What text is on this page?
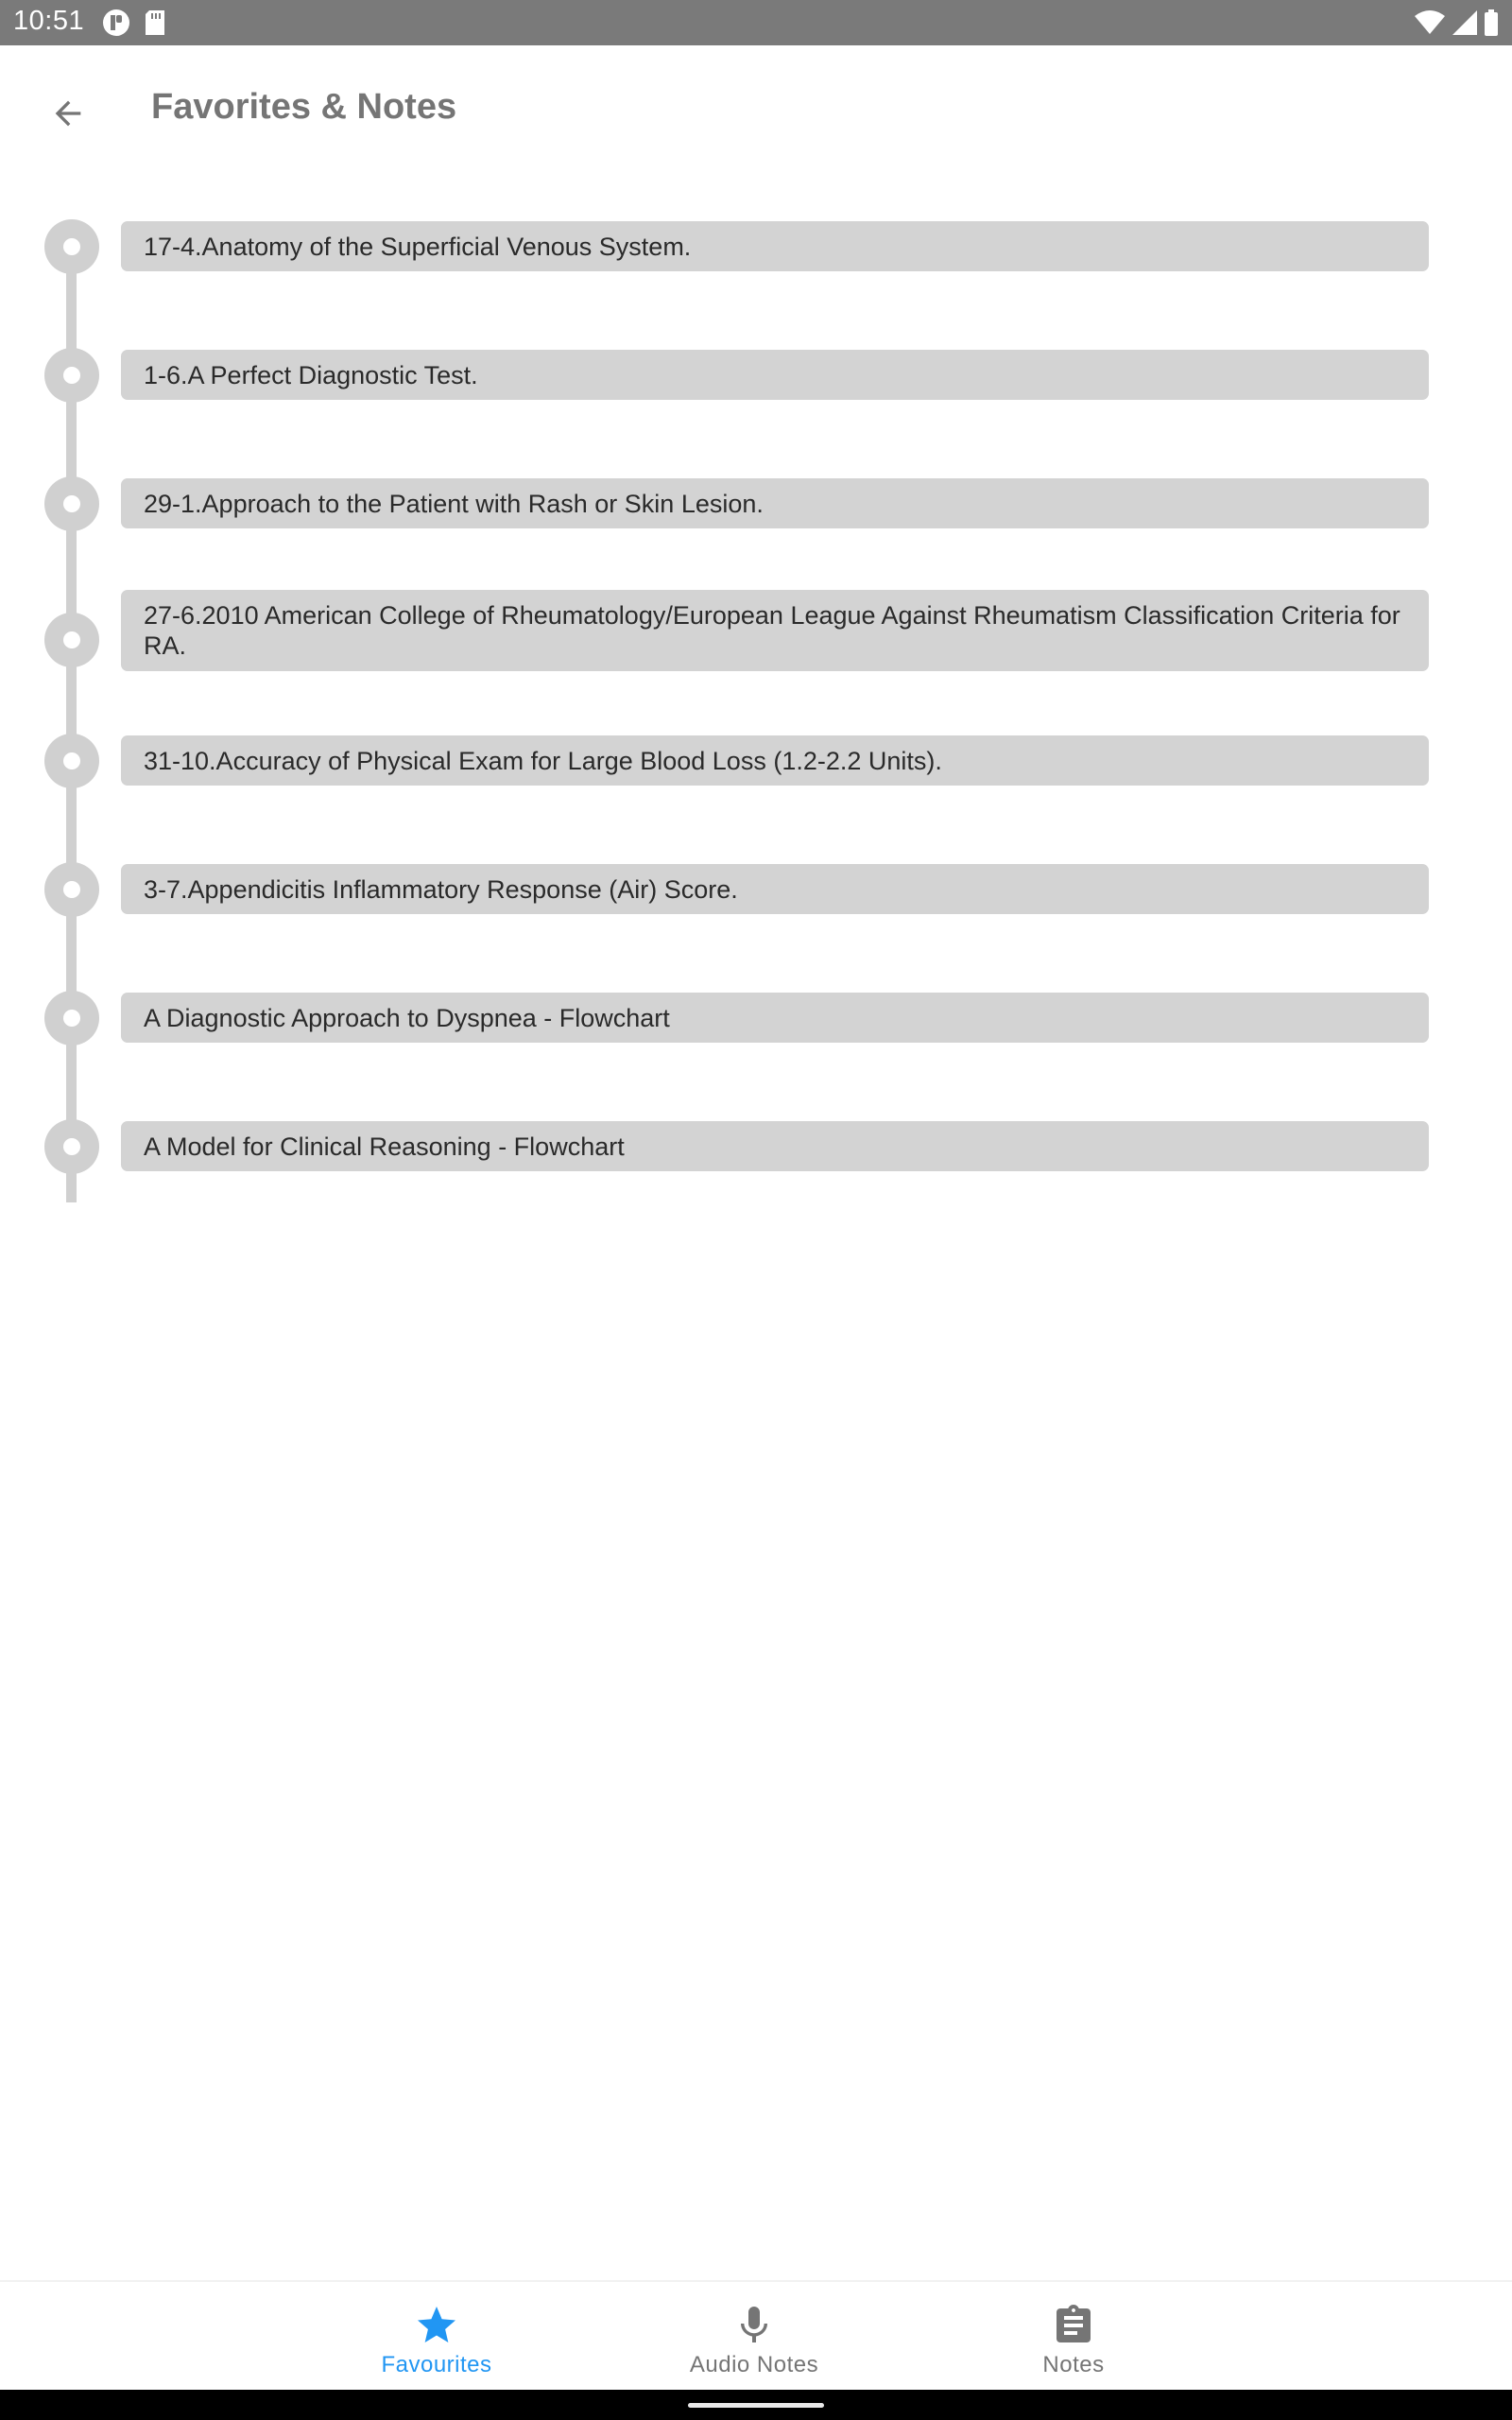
10:51
Favorites & Notes
17-4.Anatomy of the Superficial Venous System.
1-6.A Perfect Diagnostic Test.
29-1.Approach to the Patient with Rash or Skin Lesion.
27-6.2010 American College of Rheumatology/European League Against Rheumatism Classification Criteria for RA.
31-10.Accuracy of Physical Exam for Large Blood Loss (1.2-2.2 Units).
3-7.Appendicitis Inflammatory Response (Air) Score.
A Diagnostic Approach to Dyspnea - Flowchart
A Model for Clinical Reasoning - Flowchart
Favourites	Audio Notes	Notes
